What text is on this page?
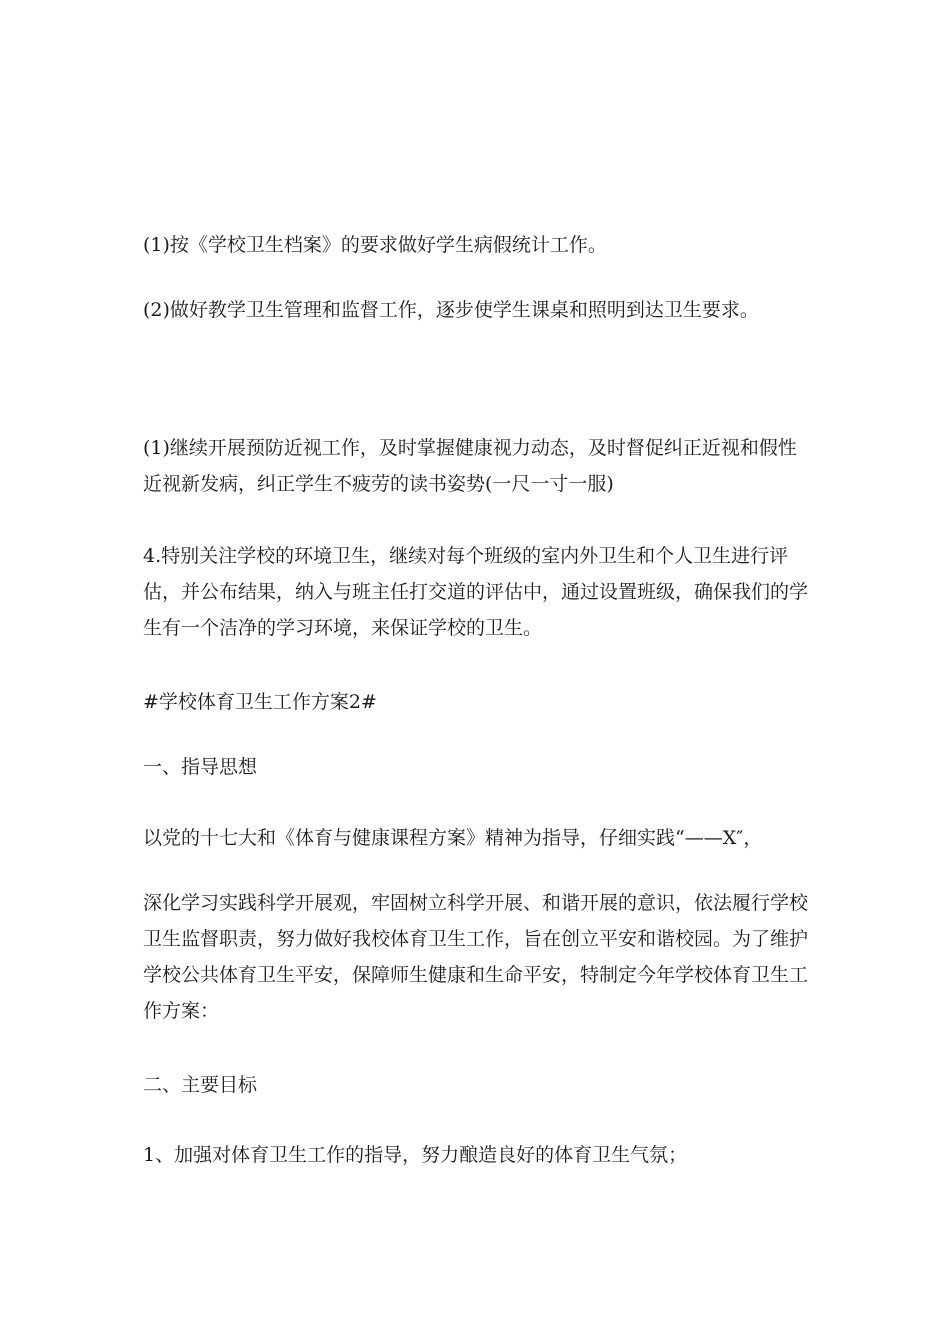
(1)按《学校卫生档案》的要求做好学生病假统计工作。

(2)做好教学卫生管理和监督工作，逐步使学生课桌和照明到达卫生要求。

(1)继续开展预防近视工作，及时掌握健康视力动态，及时督促纠正近视和假性近视新发病，纠正学生不疲劳的读书姿势(一尺一寸一服)

4.特别关注学校的环境卫生，继续对每个班级的室内外卫生和个人卫生进行评估，并公布结果，纳入与班主任打交道的评估中，通过设置班级，确保我们的学生有一个洁净的学习环境，来保证学校的卫生。

#学校体育卫生工作方案2#

一、指导思想

以党的十七大和《体育与健康课程方案》精神为指导，仔细实践“——X″，

深化学习实践科学开展观，牢固树立科学开展、和谐开展的意识，依法履行学校卫生监督职责，努力做好我校体育卫生工作，旨在创立平安和谐校园。为了维护学校公共体育卫生平安，保障师生健康和生命平安，特制定今年学校体育卫生工作方案：

二、主要目标

1、加强对体育卫生工作的指导，努力酿造良好的体育卫生气氛；
